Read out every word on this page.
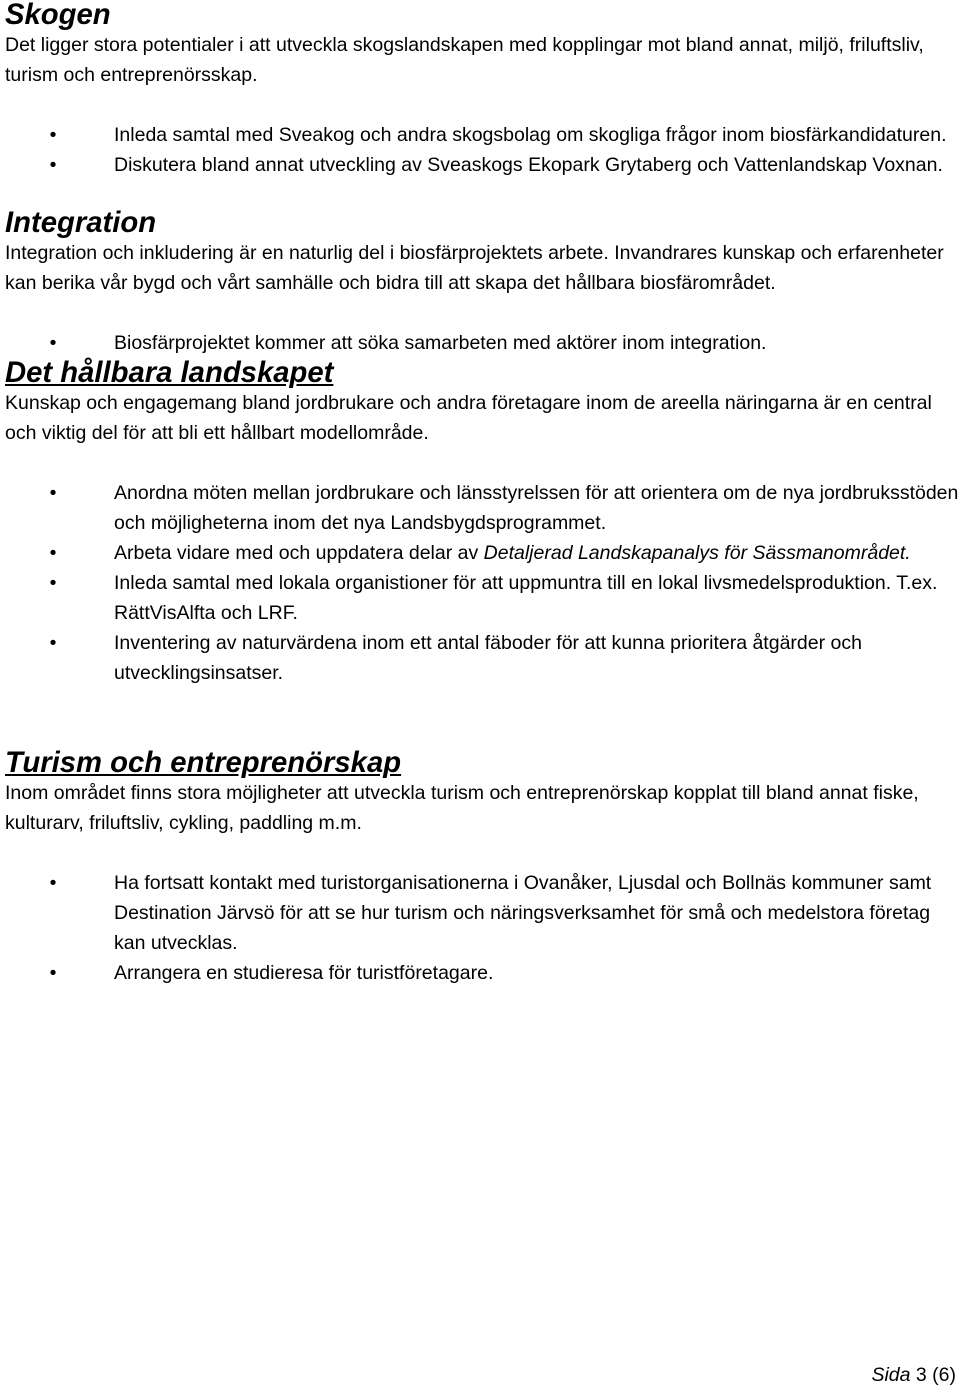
Skogen

Det ligger stora potentialer i att utveckla skogslandskapen med kopplingar mot bland annat, miljö, friluftsliv, turism och entreprenörsskap.

•	Inleda samtal med Sveakog och andra skogsbolag om skogliga frågor inom biosfärkandidaturen.
•	Diskutera bland annat utveckling av Sveaskogs Ekopark Grytaberg och Vattenlandskap Voxnan.
Integration

Integration och inkludering är en naturlig del i biosfärprojektets arbete. Invandrares kunskap och erfarenheter kan berika vår bygd och vårt samhälle och bidra till att skapa det hållbara biosfärområdet.

•	Biosfärprojektet kommer att söka samarbeten med aktörer inom integration.
Det hållbara landskapet

Kunskap och engagemang bland jordbrukare och andra företagare inom de areella näringarna är en central och viktig del för att bli ett hållbart modellområde.

•	Anordna möten mellan jordbrukare och länsstyrelssen för att orientera om de nya jordbruksstöden och möjligheterna inom det nya Landsbygdsprogrammet.
•	Arbeta vidare med och uppdatera delar av Detaljerad Landskapanalys för Sässmanområdet.
•	Inleda samtal med lokala organistioner för att uppmuntra till en lokal livsmedelsproduktion. T.ex. RättVisAlfta och LRF.
•	Inventering av naturvärdena inom ett antal fäboder för att kunna prioritera åtgärder och utvecklingsinsatser.
Turism och entreprenörskap

Inom området finns stora möjligheter att utveckla turism och entreprenörskap kopplat till bland annat fiske, kulturarv, friluftsliv, cykling, paddling m.m.

•	Ha fortsatt kontakt med turistorganisationerna i Ovanåker, Ljusdal och Bollnäs kommuner samt Destination Järvsö för att se hur turism och näringsverksamhet för små och medelstora företag kan utvecklas.
•	Arrangera en studieresa för turistföretagare.
Sida 3 (6)
